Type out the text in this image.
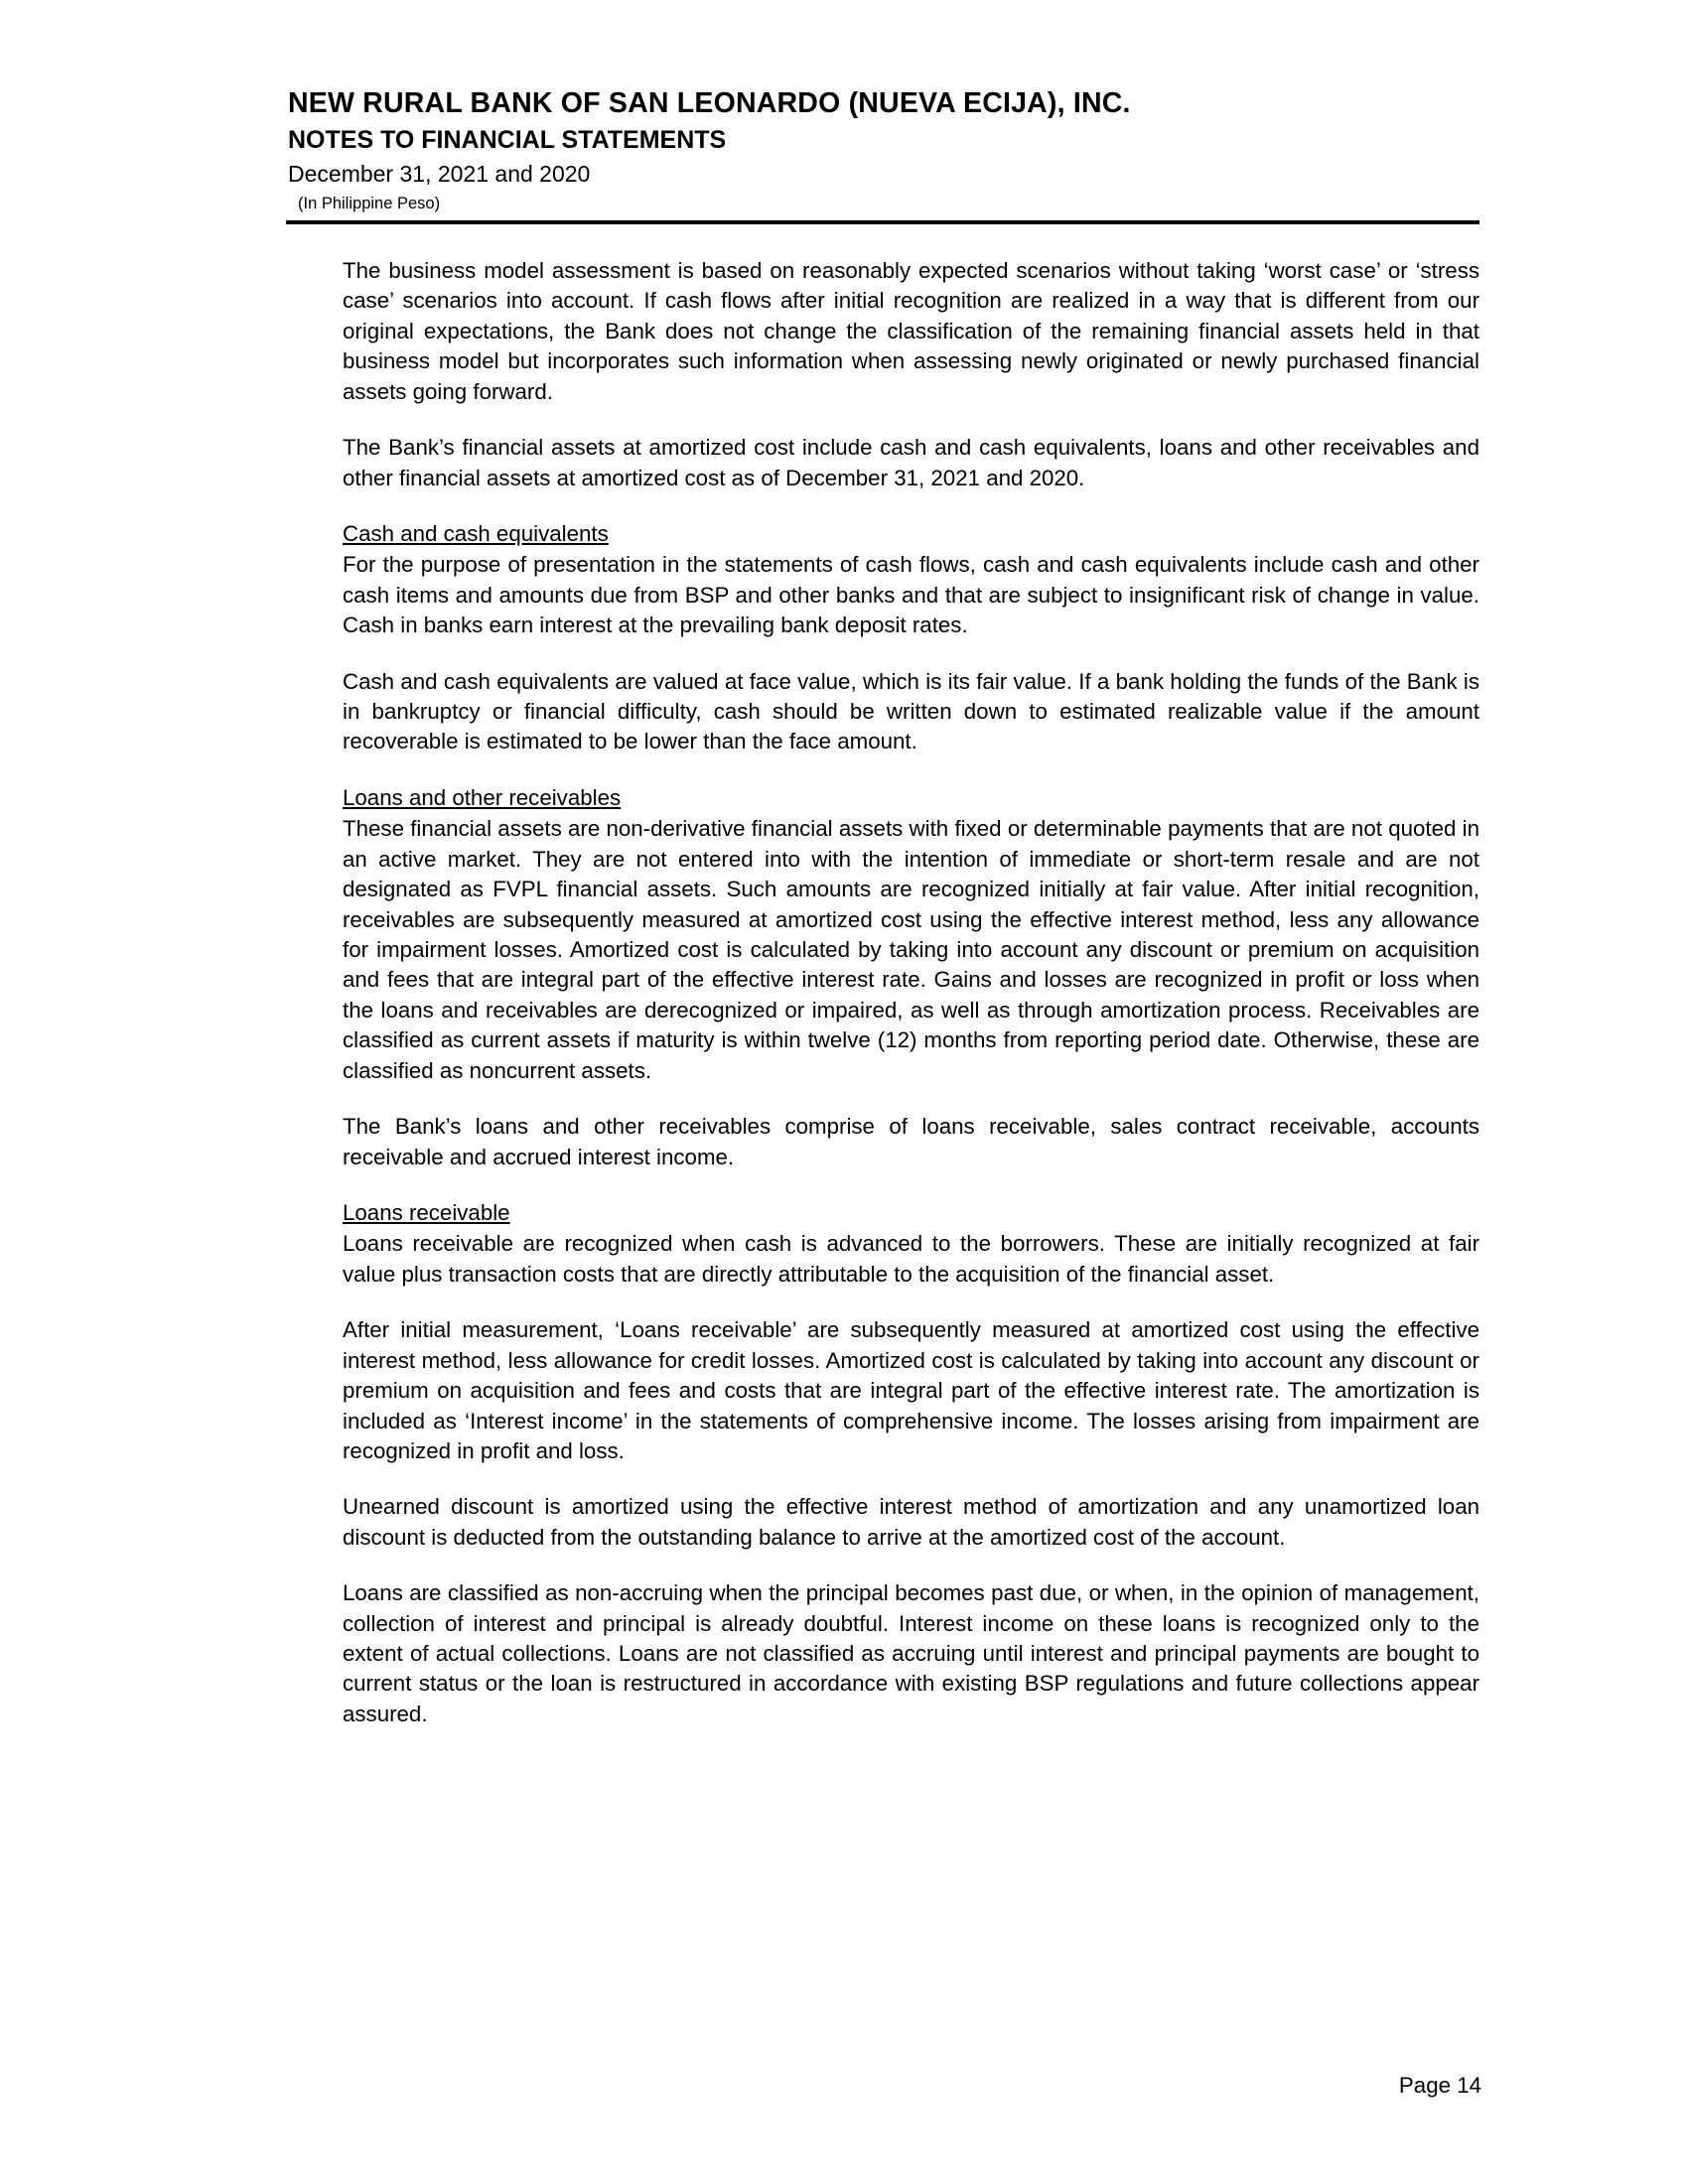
NEW RURAL BANK OF SAN LEONARDO (NUEVA ECIJA), INC.
NOTES TO FINANCIAL STATEMENTS
December 31, 2021 and 2020
(In Philippine Peso)

The business model assessment is based on reasonably expected scenarios without taking ‘worst case’ or ‘stress case’ scenarios into account. If cash flows after initial recognition are realized in a way that is different from our original expectations, the Bank does not change the classification of the remaining financial assets held in that business model but incorporates such information when assessing newly originated or newly purchased financial assets going forward.

The Bank’s financial assets at amortized cost include cash and cash equivalents, loans and other receivables and other financial assets at amortized cost as of December 31, 2021 and 2020.

Cash and cash equivalents

For the purpose of presentation in the statements of cash flows, cash and cash equivalents include cash and other cash items and amounts due from BSP and other banks and that are subject to insignificant risk of change in value. Cash in banks earn interest at the prevailing bank deposit rates.

Cash and cash equivalents are valued at face value, which is its fair value. If a bank holding the funds of the Bank is in bankruptcy or financial difficulty, cash should be written down to estimated realizable value if the amount recoverable is estimated to be lower than the face amount.

Loans and other receivables

These financial assets are non-derivative financial assets with fixed or determinable payments that are not quoted in an active market. They are not entered into with the intention of immediate or short-term resale and are not designated as FVPL financial assets. Such amounts are recognized initially at fair value. After initial recognition, receivables are subsequently measured at amortized cost using the effective interest method, less any allowance for impairment losses. Amortized cost is calculated by taking into account any discount or premium on acquisition and fees that are integral part of the effective interest rate. Gains and losses are recognized in profit or loss when the loans and receivables are derecognized or impaired, as well as through amortization process. Receivables are classified as current assets if maturity is within twelve (12) months from reporting period date. Otherwise, these are classified as noncurrent assets.

The Bank’s loans and other receivables comprise of loans receivable, sales contract receivable, accounts receivable and accrued interest income.

Loans receivable

Loans receivable are recognized when cash is advanced to the borrowers. These are initially recognized at fair value plus transaction costs that are directly attributable to the acquisition of the financial asset.

After initial measurement, ‘Loans receivable’ are subsequently measured at amortized cost using the effective interest method, less allowance for credit losses. Amortized cost is calculated by taking into account any discount or premium on acquisition and fees and costs that are integral part of the effective interest rate. The amortization is included as ‘Interest income’ in the statements of comprehensive income. The losses arising from impairment are recognized in profit and loss.

Unearned discount is amortized using the effective interest method of amortization and any unamortized loan discount is deducted from the outstanding balance to arrive at the amortized cost of the account.

Loans are classified as non-accruing when the principal becomes past due, or when, in the opinion of management, collection of interest and principal is already doubtful. Interest income on these loans is recognized only to the extent of actual collections. Loans are not classified as accruing until interest and principal payments are bought to current status or the loan is restructured in accordance with existing BSP regulations and future collections appear assured.

Page 14
